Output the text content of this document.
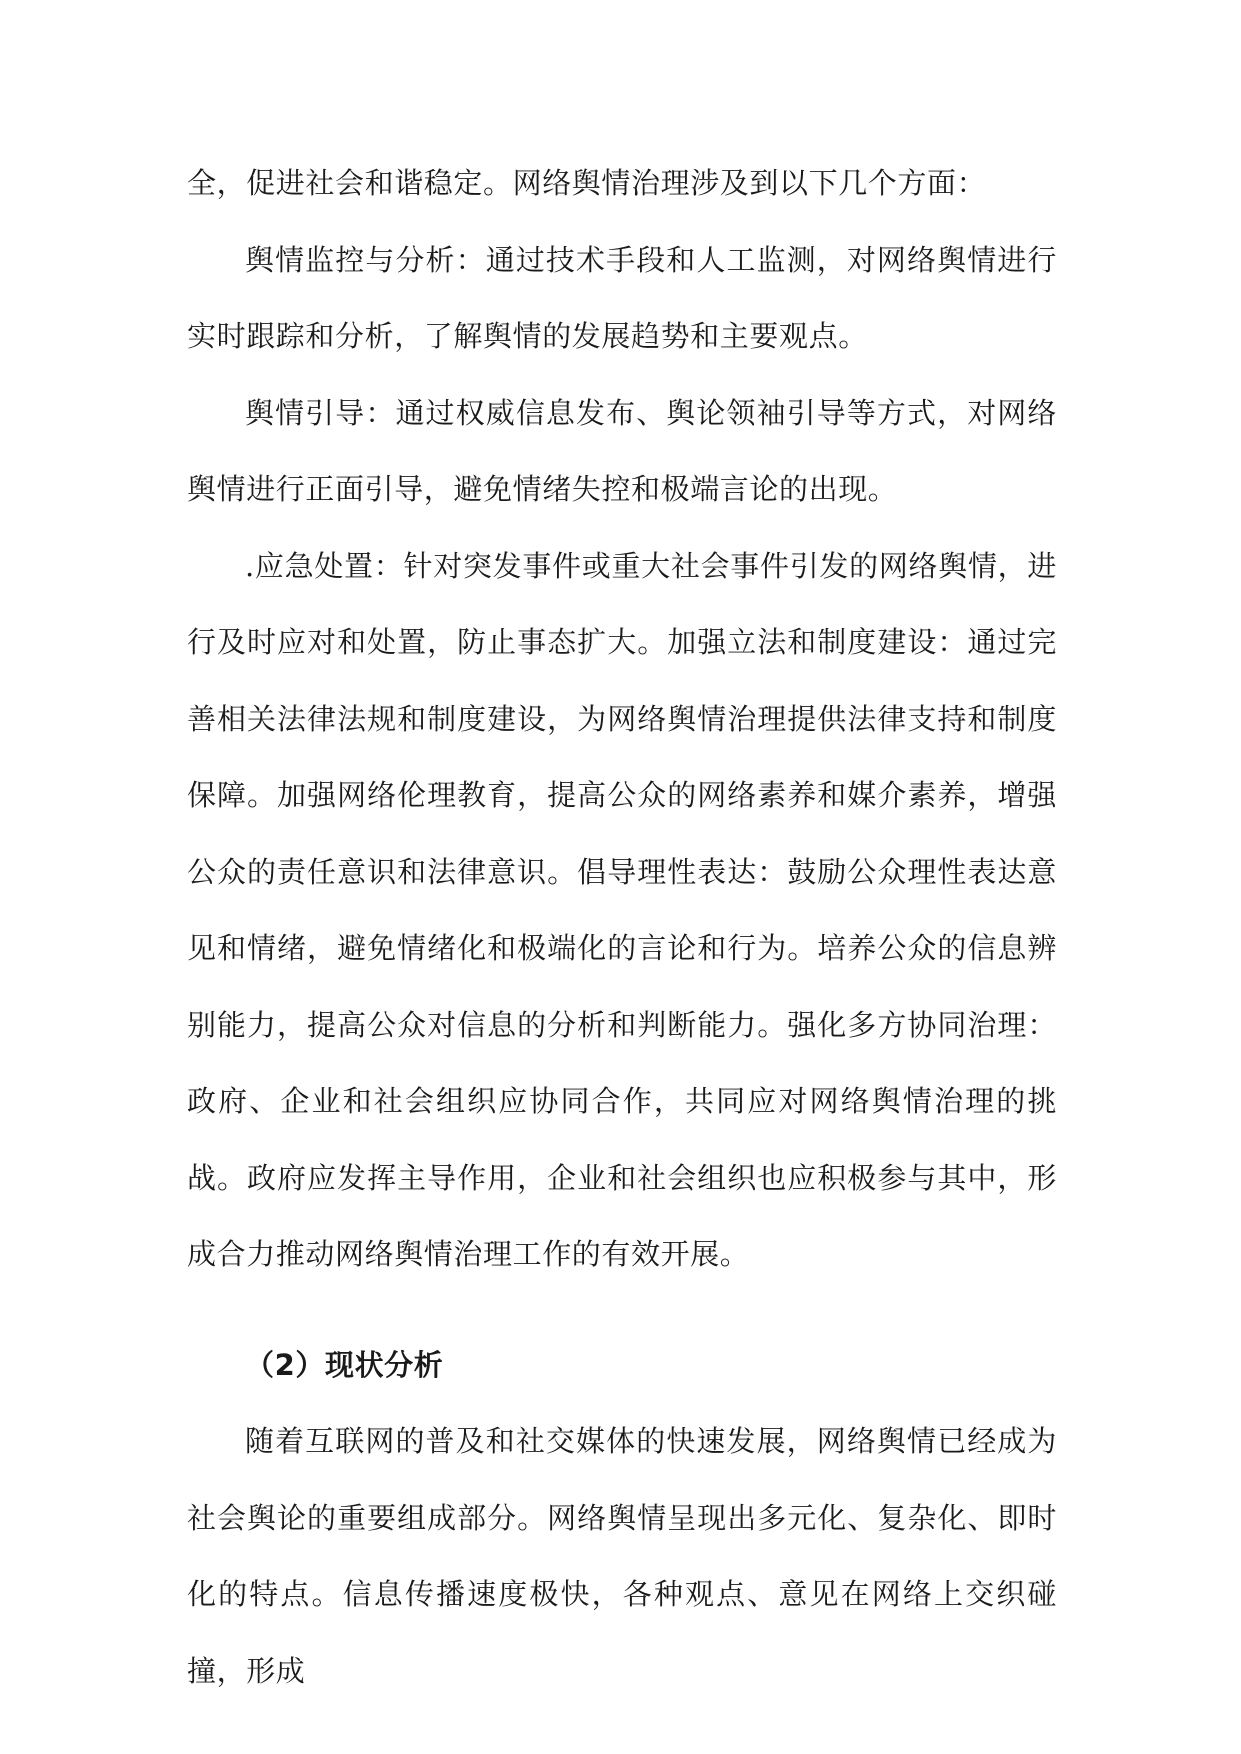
全，促进社会和谐稳定。网络舆情治理涉及到以下几个方面：

舆情监控与分析：通过技术手段和人工监测，对网络舆情进行实时跟踪和分析，了解舆情的发展趋势和主要观点。

舆情引导：通过权威信息发布、舆论领袖引导等方式，对网络舆情进行正面引导，避免情绪失控和极端言论的出现。

.应急处置：针对突发事件或重大社会事件引发的网络舆情，进行及时应对和处置，防止事态扩大。加强立法和制度建设：通过完善相关法律法规和制度建设，为网络舆情治理提供法律支持和制度保障。加强网络伦理教育，提高公众的网络素养和媒介素养，增强公众的责任意识和法律意识。倡导理性表达：鼓励公众理性表达意见和情绪，避免情绪化和极端化的言论和行为。培养公众的信息辨别能力，提高公众对信息的分析和判断能力。强化多方协同治理：政府、企业和社会组织应协同合作，共同应对网络舆情治理的挑战。政府应发挥主导作用，企业和社会组织也应积极参与其中，形成合力推动网络舆情治理工作的有效开展。

（2）现状分析

随着互联网的普及和社交媒体的快速发展，网络舆情已经成为社会舆论的重要组成部分。网络舆情呈现出多元化、复杂化、即时化的特点。信息传播速度极快，各种观点、意见在网络上交织碰撞，形成
